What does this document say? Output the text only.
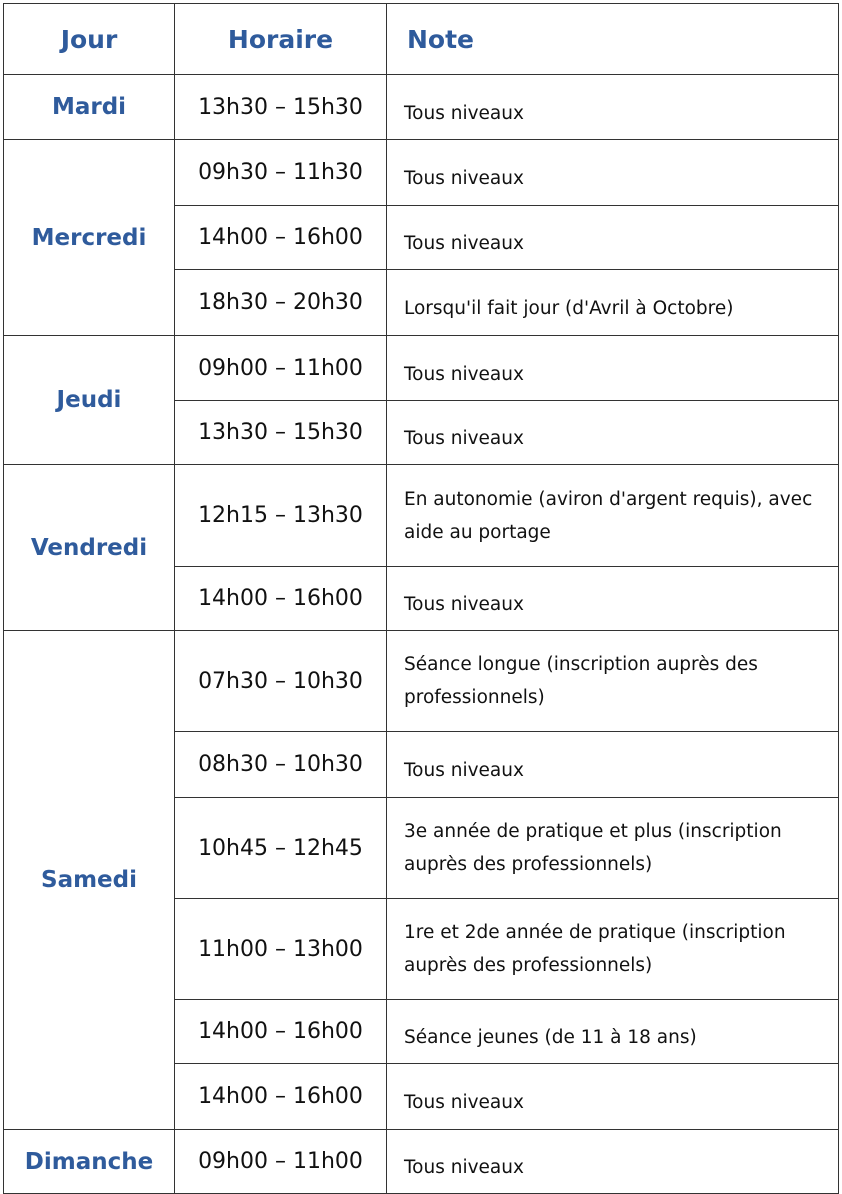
Jour	Horaire	Note
Mardi	13h30 – 15h30	Tous niveaux

Mercredi	09h30 – 11h30	Tous niveaux

	14h00 – 16h00	Tous niveaux

	18h30 – 20h30	Lorsqu'il fait jour (d'Avril à Octobre)

Jeudi	09h00 – 11h00	Tous niveaux

	13h30 – 15h30	Tous niveaux

Vendredi	12h15 – 13h30	En autonomie (aviron d'argent requis), avec aide au portage

	14h00 – 16h00	Tous niveaux

Samedi	07h30 – 10h30	Séance longue (inscription auprès des professionnels)

	08h30 – 10h30	Tous niveaux

	10h45 – 12h45	3e année de pratique et plus (inscription auprès des professionnels)

	11h00 – 13h00	1re et 2de année de pratique (inscription auprès des professionnels)

	14h00 – 16h00	Séance jeunes (de 11 à 18 ans)

	14h00 – 16h00	Tous niveaux

Dimanche	09h00 – 11h00	Tous niveaux
